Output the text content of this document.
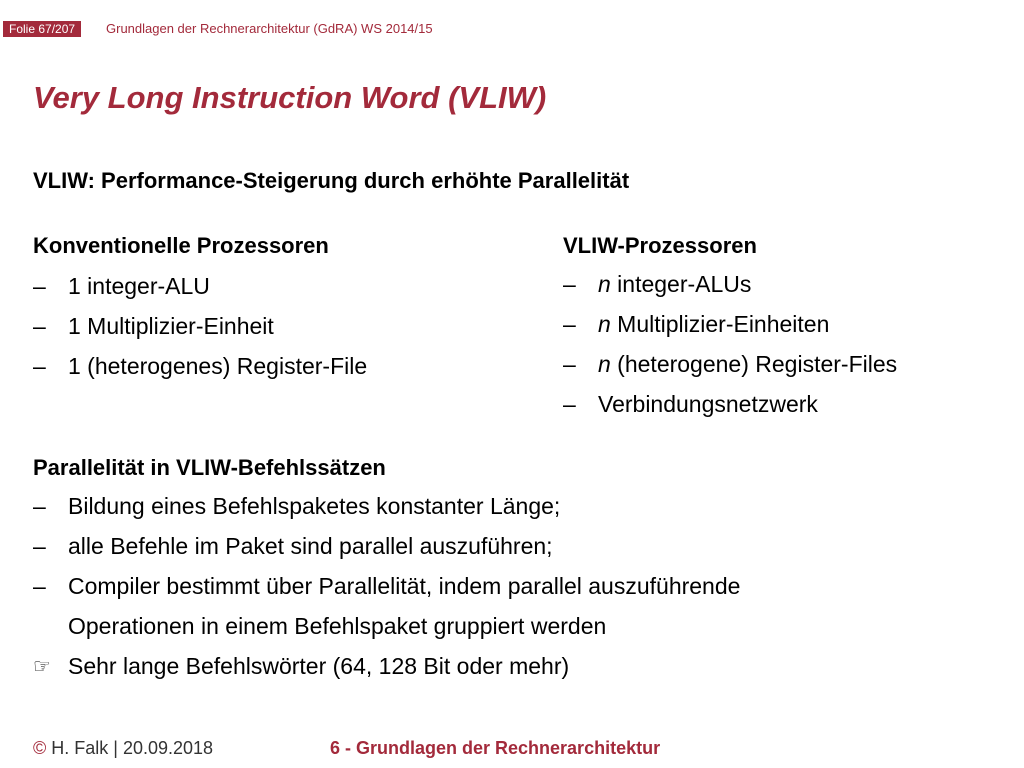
Folie 67/207	Grundlagen der Rechnerarchitektur (GdRA) WS 2014/15
Very Long Instruction Word (VLIW)
VLIW: Performance-Steigerung durch erhöhte Parallelität
Konventionelle Prozessoren
– 1 integer-ALU
– 1 Multiplizier-Einheit
– 1 (heterogenes) Register-File
VLIW-Prozessoren
– n integer-ALUs
– n Multiplizier-Einheiten
– n (heterogene) Register-Files
– Verbindungsnetzwerk
Parallelität in VLIW-Befehlssätzen
– Bildung eines Befehlspaketes konstanter Länge;
– alle Befehle im Paket sind parallel auszuführen;
– Compiler bestimmt über Parallelität, indem parallel auszuführende
Operationen in einem Befehlspaket gruppiert werden
☞ Sehr lange Befehlswörter (64, 128 Bit oder mehr)
© H. Falk | 20.09.2018	6 - Grundlagen der Rechnerarchitektur
